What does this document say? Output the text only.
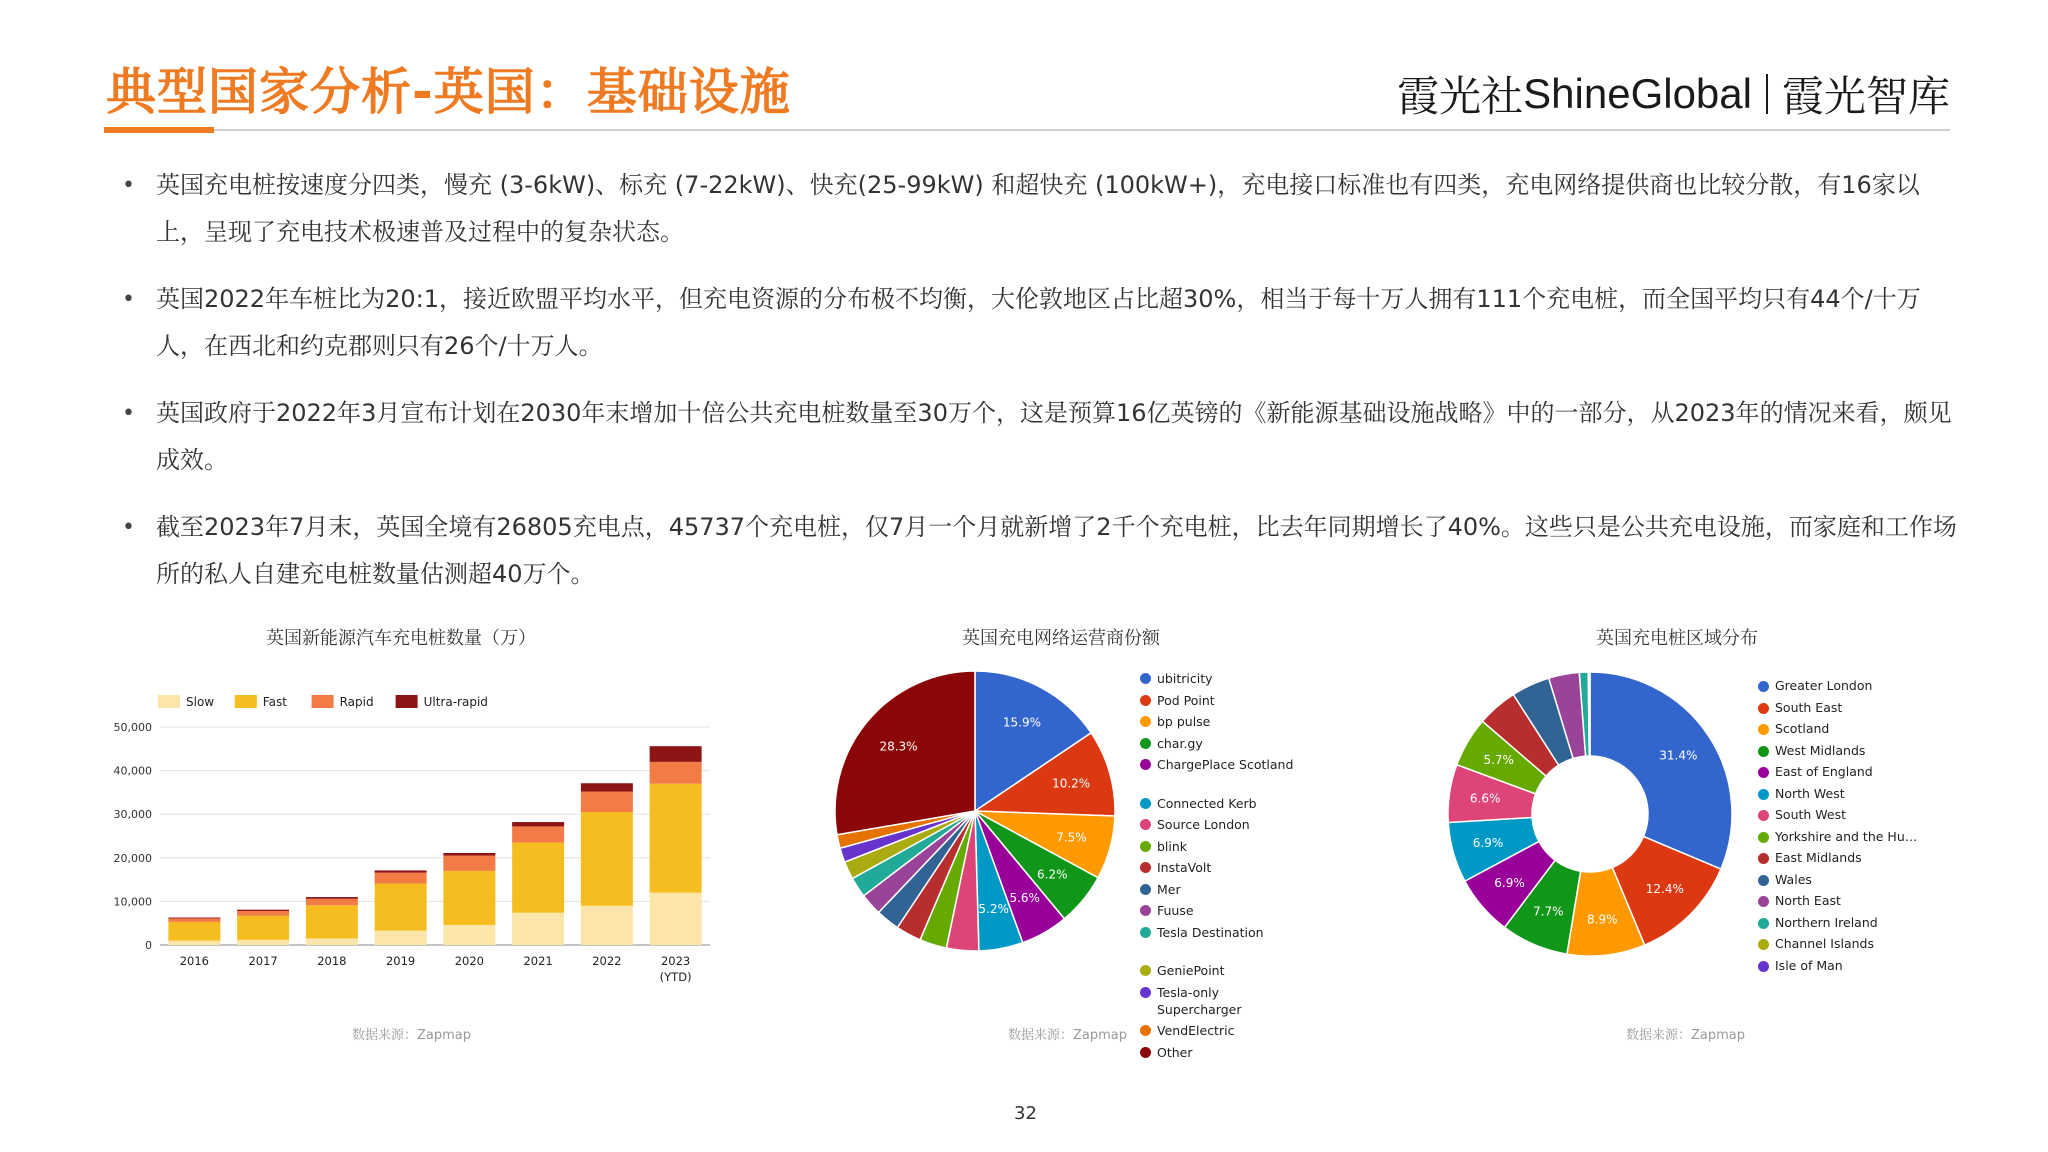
典型国家分析-英国：基础设施	霞光社 ShineGlobal 霞光智库
• 英国充电桩按速度分四类，慢充 (3-6kW)、标充 (7-22kW)、快充(25-99kW) 和超快充 (100kW+)，充电接口标准也有四类，充电网络提供商也比较分散，有16家以上，呈现了充电技术极速普及过程中的复杂状态。
• 英国2022年车桩比为20:1，接近欧盟平均水平，但充电资源的分布极不均衡，大伦敦地区占比超30%，相当于每十万人拥有111个充电桩，而全国平均只有44个/十万人，在西北和约克郡则只有26个/十万人。
• 英国政府于2022年3月宣布计划在2030年末增加十倍公共充电桩数量至30万个，这是预算16亿英镑的《新能源基础设施战略》中的一部分，从2023年的情况来看，颇见成效。
• 截至2023年7月末，英国全境有26805充电点，45737个充电桩，仅7月一个月就新增了2千个充电桩，比去年同期增长了40%。这些只是公共充电设施，而家庭和工作场所的私人自建充电桩数量估测超40万个。
英国新能源汽车充电桩数量（万）
Slow	Fast	Rapid	Ultra-rapid
0
10,000
20,000
30,000
40,000
50,000
2016	2017	2018	2019	2020	2021	2022	2023
(YTD)
数据来源：Zapmap
英国充电网络运营商份额
15.9%
10.2%
7.5%
6.2%
5.6%
5.2%
28.3%
ubitricity
Pod Point
bp pulse
char.gy
ChargePlace Scotland
Connected Kerb
Source London
blink
InstaVolt
Mer
Fuuse
Tesla Destination
GeniePoint
Tesla-only Supercharger
VendElectric
Other
数据来源：Zapmap
英国充电桩区域分布
31.4%
12.4%
8.9%
7.7%
6.9%
6.9%
6.6%
5.7%
Greater London
South East
Scotland
West Midlands
East of England
North West
South West
Yorkshire and the Hu…
East Midlands
Wales
North East
Northern Ireland
Channel Islands
Isle of Man
数据来源：Zapmap
32
